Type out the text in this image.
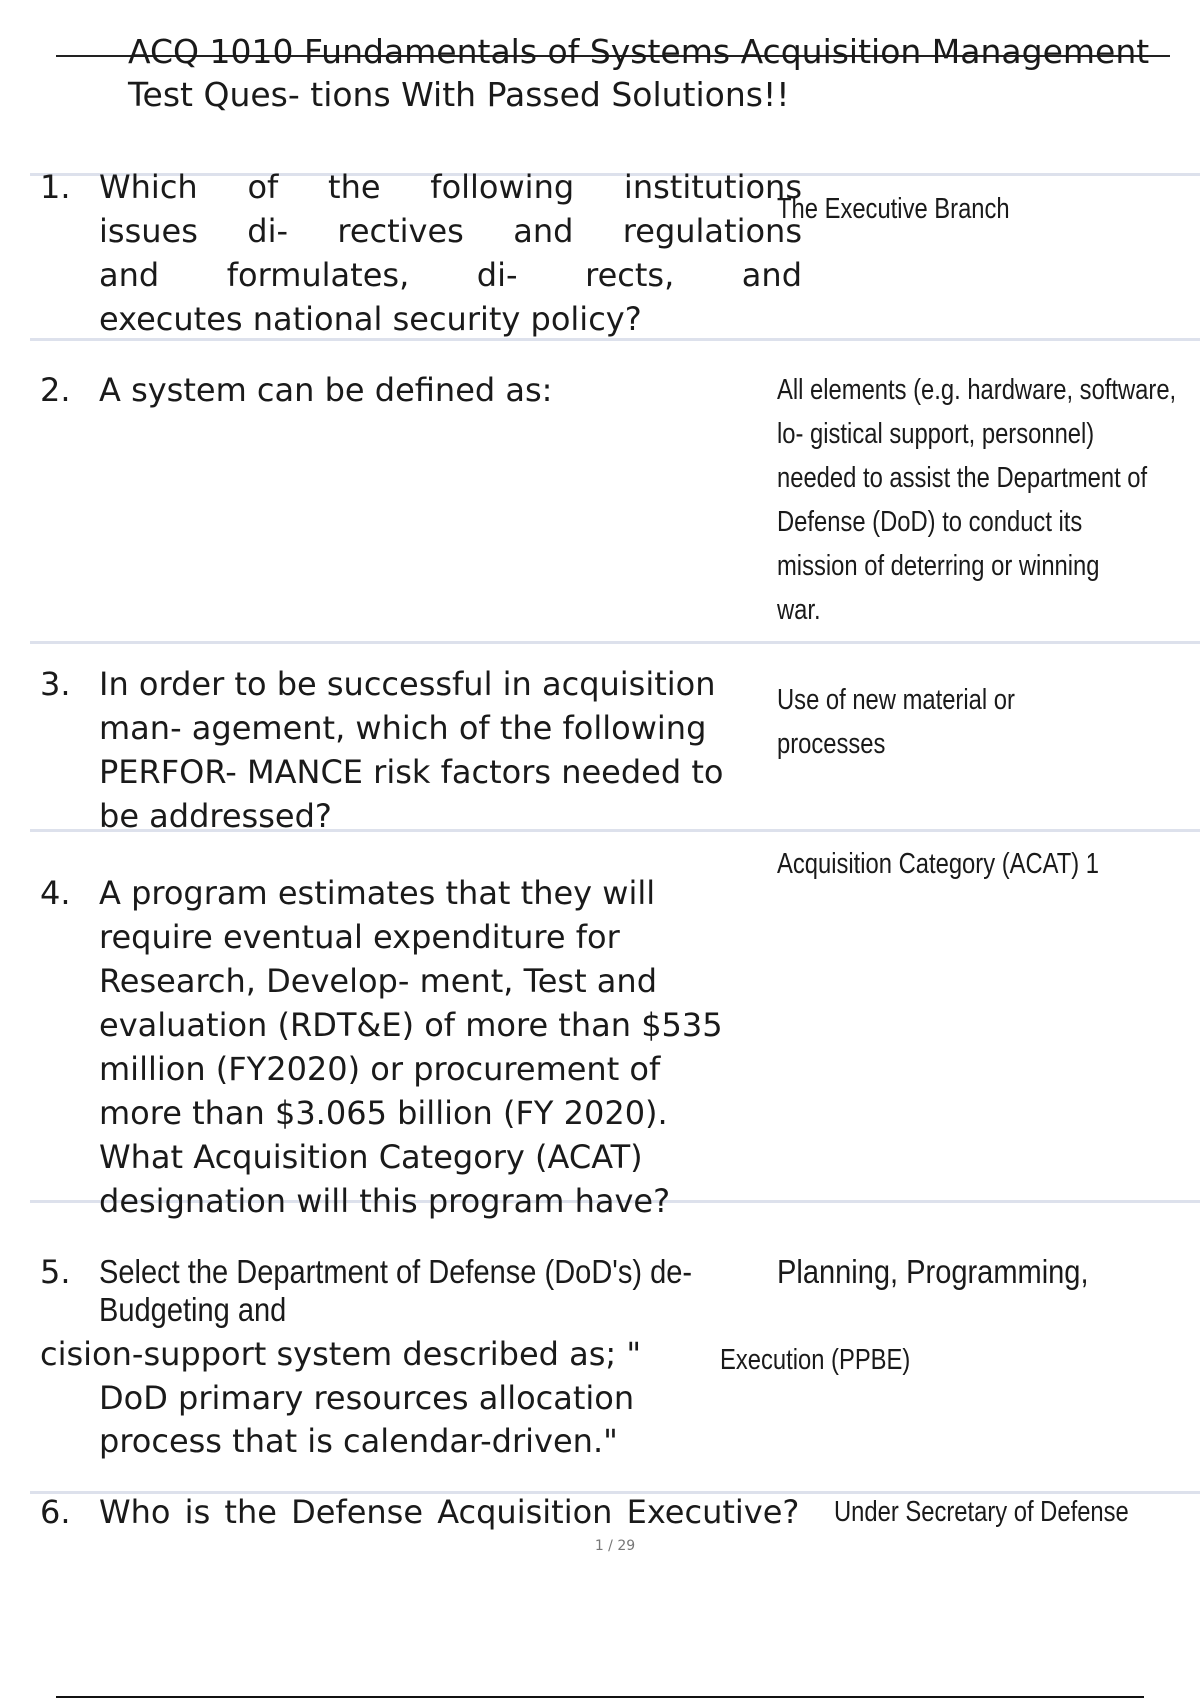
ACQ 1010 Fundamentals of Systems Acquisition Management
Test Ques- tions With Passed Solutions!!
1. Which of the following institutions
issues di- rectives and regulations
and formulates, di- rects, and
executes national security policy?
The Executive Branch
2. A system can be defined as:	All elements (e.g. hardware, software,
lo- gistical support, personnel)
needed to assist the Department of
Defense (DoD) to conduct its
mission of deterring or winning
war.
3. In order to be successful in acquisition
man- agement, which of the following
PERFOR- MANCE risk factors needed to
be addressed?
Use of new material or processes
Acquisition Category (ACAT) 1
4. A program estimates that they will
require eventual expenditure for
Research, Develop- ment, Test and
evaluation (RDT&E) of more than $535
million (FY2020) or procurement of
more than $3.065 billion (FY 2020).
What Acquisition Category (ACAT)
designation will this program have?
5. Select the Department of Defense (DoD's) de-
Budgeting and
cision-support system described as; "
DoD primary resources allocation
process that is calendar-driven."
Planning, Programming,
Execution (PPBE)
6. Who is the Defense Acquisition Executive? Under Secretary of Defense
1 / 29
